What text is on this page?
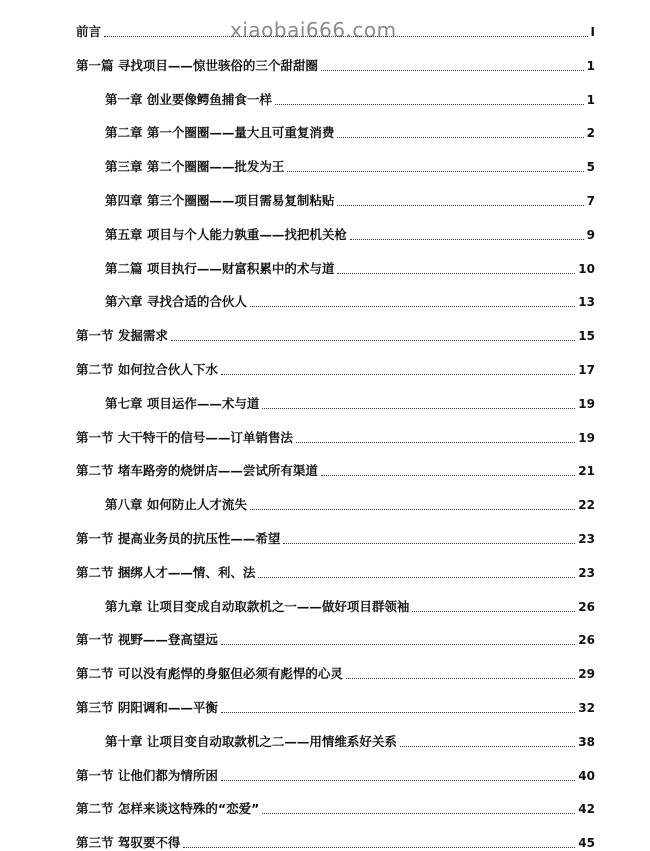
xiaobai666.com
前言	I
第一篇 寻找项目——惊世骇俗的三个甜甜圈	1
第一章 创业要像鳄鱼捕食一样	1
第二章 第一个圈圈——量大且可重复消费	2
第三章 第二个圈圈——批发为王	5
第四章 第三个圈圈——项目需易复制粘贴	7
第五章 项目与个人能力孰重——找把机关枪	9
第二篇 项目执行——财富积累中的术与道	10
第六章 寻找合适的合伙人	13
第一节 发掘需求	15
第二节 如何拉合伙人下水	17
第七章 项目运作——术与道	19
第一节 大干特干的信号——订单销售法	19
第二节 堵车路旁的烧饼店——尝试所有渠道	21
第八章 如何防止人才流失	22
第一节 提高业务员的抗压性——希望	23
第二节 捆绑人才——情、利、法	23
第九章 让项目变成自动取款机之一——做好项目群领袖	26
第一节 视野——登高望远	26
第二节 可以没有彪悍的身躯但必须有彪悍的心灵	29
第三节 阴阳调和——平衡	32
第十章 让项目变自动取款机之二——用情维系好关系	38
第一节 让他们都为情所困	40
第二节 怎样来谈这特殊的“恋爱”	42
第三节 驾驭要不得	45
